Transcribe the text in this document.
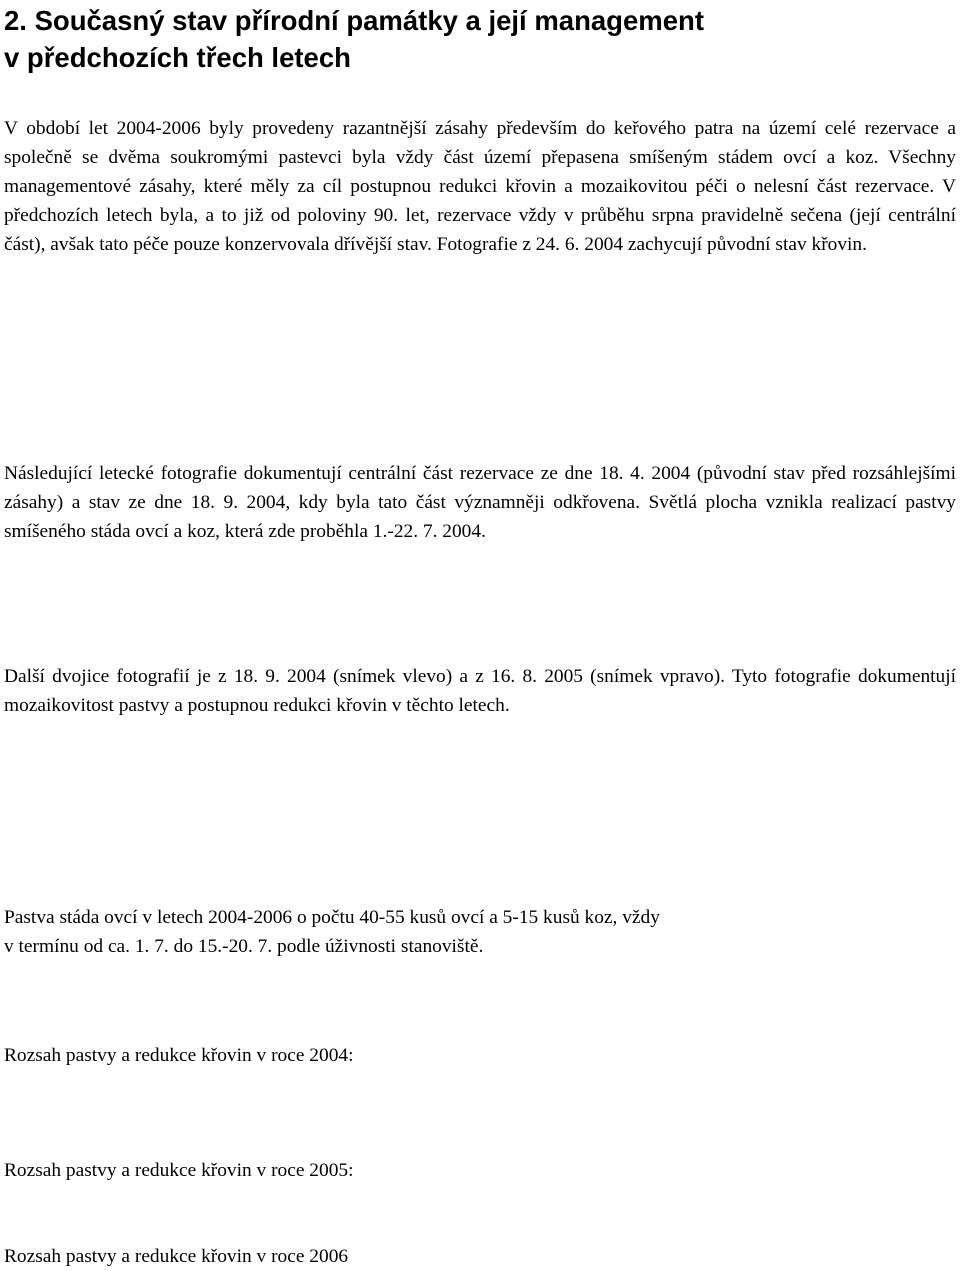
2. Současný stav přírodní památky a její management
v předchozích třech letech

V období let 2004-2006 byly provedeny razantnější zásahy především do keřového patra na území celé rezervace a společně se dvěma soukromými pastevci byla vždy část území přepasena smíšeným stádem ovcí a koz. Všechny managementové zásahy, které měly za cíl postupnou redukci křovin a mozaikovitou péči o nelesní část rezervace. V předchozích letech byla, a to již od poloviny 90. let, rezervace vždy v průběhu srpna pravidelně sečena (její centrální část), avšak tato péče pouze konzervovala dřívější stav. Fotografie z 24. 6. 2004 zachycují původní stav křovin.

Následující letecké fotografie dokumentují centrální část rezervace ze dne 18. 4. 2004 (původní stav před rozsáhlejšími zásahy) a stav ze dne 18. 9. 2004, kdy byla tato část významněji odkřovena. Světlá plocha vznikla realizací pastvy smíšeného stáda ovcí a koz, která zde proběhla 1.-22. 7. 2004.

Další dvojice fotografií je z 18. 9. 2004 (snímek vlevo) a z 16. 8. 2005 (snímek vpravo). Tyto fotografie dokumentují mozaikovitost pastvy a postupnou redukci křovin v těchto letech.

Pastva stáda ovcí v letech 2004-2006 o počtu 40-55 kusů ovcí a 5-15 kusů koz, vždy
v termínu od ca. 1. 7. do 15.-20. 7. podle úživnosti stanoviště.

Rozsah pastvy a redukce křovin v roce 2004:

Rozsah pastvy a redukce křovin v roce 2005:

Rozsah pastvy a redukce křovin v roce 2006
